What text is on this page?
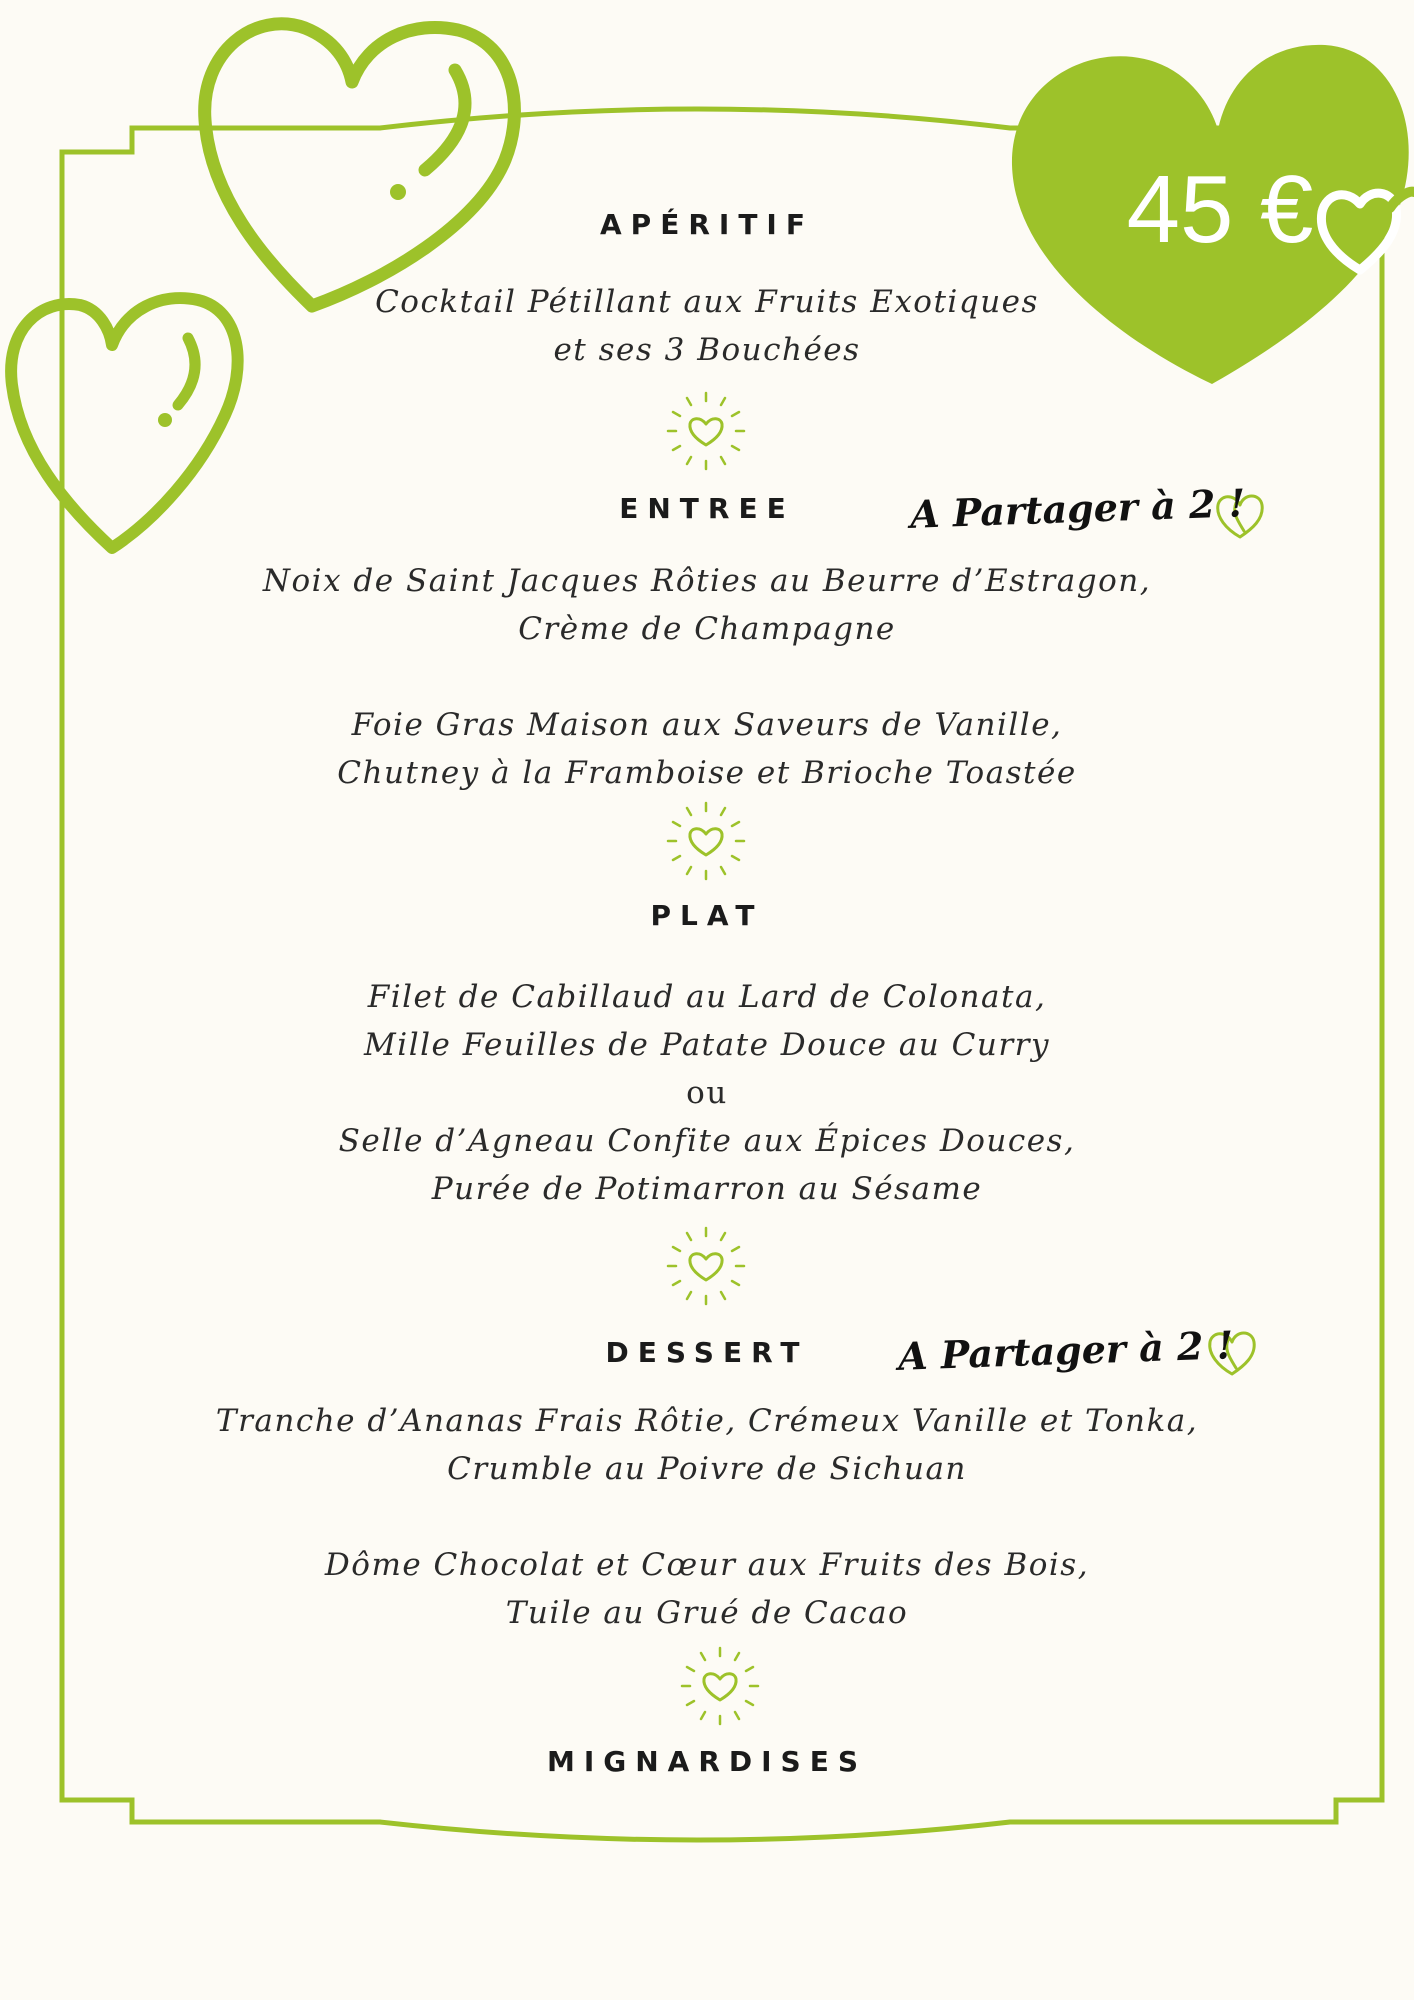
45 €

APÉRITIF

Cocktail Pétillant aux Fruits Exotiques
et ses 3 Bouchées

ENTREE	A Partager à 2 !

Noix de Saint Jacques Rôties au Beurre d’Estragon,
Crème de Champagne

Foie Gras Maison aux Saveurs de Vanille,
Chutney à la Framboise et Brioche Toastée

PLAT

Filet de Cabillaud au Lard de Colonata,
Mille Feuilles de Patate Douce au Curry
ou
Selle d’Agneau Confite aux Épices Douces,
Purée de Potimarron au Sésame

DESSERT	A Partager à 2 !

Tranche d’Ananas Frais Rôtie, Crémeux Vanille et Tonka,
Crumble au Poivre de Sichuan

Dôme Chocolat et Cœur aux Fruits des Bois,
Tuile au Grué de Cacao

MIGNARDISES
